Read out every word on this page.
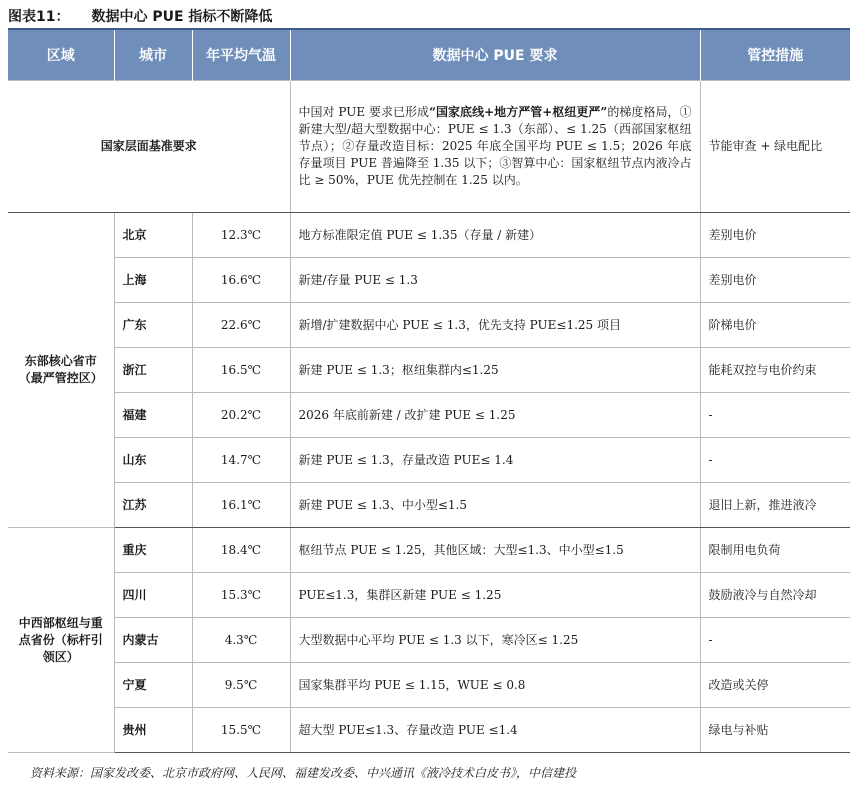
图表11： 数据中心 PUE 指标不断降低
区域	城市	年平均气温	数据中心 PUE 要求	管控措施
国家层面基准要求			中国对 PUE 要求已形成“国家底线+地方严管+枢纽更严”的梯度格局，①新建大型/超大型数据中心：PUE ≤ 1.3（东部）、≤ 1.25（西部国家枢纽节点）；②存量改造目标：2025 年底全国平均 PUE ≤ 1.5；2026 年底存量项目 PUE 普遍降至 1.35 以下；③智算中心：国家枢纽节点内液冷占比 ≥ 50%，PUE 优先控制在 1.25 以内。	节能审查 + 绿电配比
东部核心省市（最严管控区）	北京	12.3℃	地方标准限定值 PUE ≤ 1.35（存量 / 新建）	差别电价
	上海	16.6℃	新建/存量 PUE ≤ 1.3	差别电价
	广东	22.6℃	新增/扩建数据中心 PUE ≤ 1.3，优先支持 PUE≤1.25 项目	阶梯电价
	浙江	16.5℃	新建 PUE ≤ 1.3；枢纽集群内≤1.25	能耗双控与电价约束
	福建	20.2℃	2026 年底前新建 / 改扩建 PUE ≤ 1.25	-
	山东	14.7℃	新建 PUE ≤ 1.3，存量改造 PUE≤ 1.4	-
	江苏	16.1℃	新建 PUE ≤ 1.3、中小型≤1.5	退旧上新，推进液冷
中西部枢纽与重点省份（标杆引领区）	重庆	18.4℃	枢纽节点 PUE ≤ 1.25，其他区域：大型≤1.3、中小型≤1.5	限制用电负荷
	四川	15.3℃	PUE≤1.3，集群区新建 PUE ≤ 1.25	鼓励液冷与自然冷却
	内蒙古	4.3℃	大型数据中心平均 PUE ≤ 1.3 以下，寒冷区≤ 1.25	-
	宁夏	9.5℃	国家集群平均 PUE ≤ 1.15，WUE ≤ 0.8	改造或关停
	贵州	15.5℃	超大型 PUE≤1.3、存量改造 PUE ≤1.4	绿电与补贴
资料来源：国家发改委、北京市政府网、人民网、福建发改委、中兴通讯《液冷技术白皮书》，中信建投
